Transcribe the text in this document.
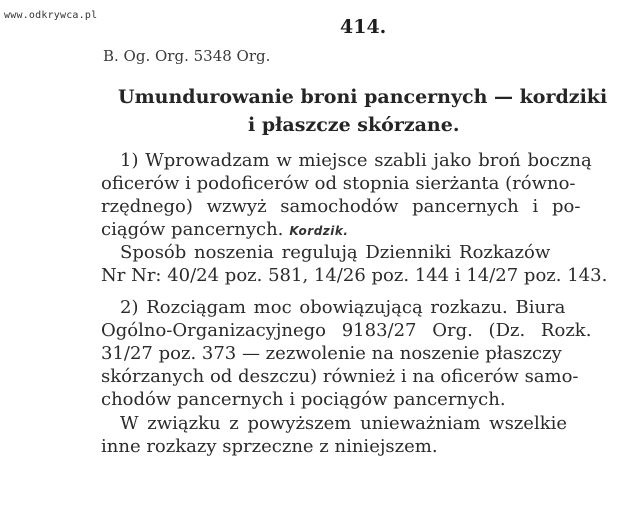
www.odkrywca.pl
414.
B. Og. Org. 5348 Org.
Umundurowanie broni pancernych — kordziki
i płaszcze skórzane.
1) Wprowadzam w miejsce szabli jako broń boczną
oficerów i podoficerów od stopnia sierżanta (równo-
rzędnego) wzwyż samochodów pancernych i po-
ciągów pancernych. Kordzik.
Sposób noszenia regulują Dzienniki Rozkazów
Nr Nr: 40/24 poz. 581, 14/26 poz. 144 i 14/27 poz. 143.
2) Rozciągam moc obowiązującą rozkazu. Biura
Ogólno-Organizacyjnego 9183/27 Org. (Dz. Rozk.
31/27 poz. 373 — zezwolenie na noszenie płaszczy
skórzanych od deszczu) również i na oficerów samo-
chodów pancernych i pociągów pancernych.
W związku z powyższem unieważniam wszelkie
inne rozkazy sprzeczne z niniejszem.
